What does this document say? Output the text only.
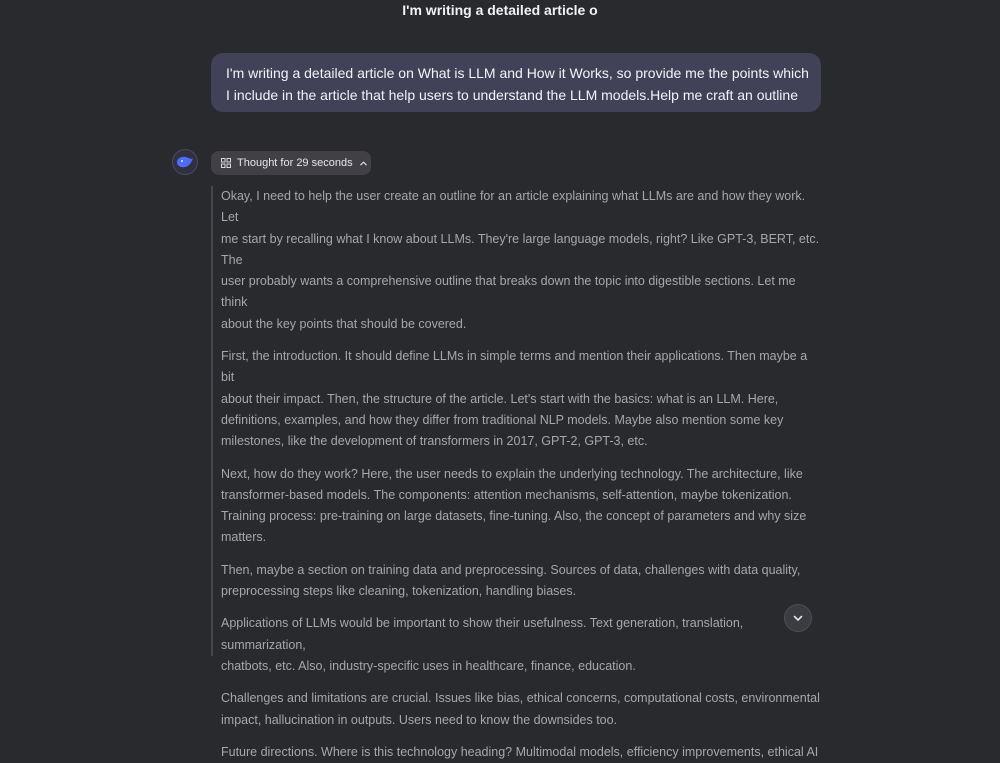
I'm writing a detailed article o
I'm writing a detailed article on What is LLM and How it Works, so provide me the points which
I include in the article that help users to understand the LLM models.Help me craft an outline
Thought for 29 seconds

Okay, I need to help the user create an outline for an article explaining what LLMs are and how they work. Let
me start by recalling what I know about LLMs. They're large language models, right? Like GPT-3, BERT, etc. The
user probably wants a comprehensive outline that breaks down the topic into digestible sections. Let me think
about the key points that should be covered.

First, the introduction. It should define LLMs in simple terms and mention their applications. Then maybe a bit
about their impact. Then, the structure of the article. Let's start with the basics: what is an LLM. Here,
definitions, examples, and how they differ from traditional NLP models. Maybe also mention some key
milestones, like the development of transformers in 2017, GPT-2, GPT-3, etc.

Next, how do they work? Here, the user needs to explain the underlying technology. The architecture, like
transformer-based models. The components: attention mechanisms, self-attention, maybe tokenization.
Training process: pre-training on large datasets, fine-tuning. Also, the concept of parameters and why size
matters.

Then, maybe a section on training data and preprocessing. Sources of data, challenges with data quality,
preprocessing steps like cleaning, tokenization, handling biases.

Applications of LLMs would be important to show their usefulness. Text generation, translation, summarization,
chatbots, etc. Also, industry-specific uses in healthcare, finance, education.

Challenges and limitations are crucial. Issues like bias, ethical concerns, computational costs, environmental
impact, hallucination in outputs. Users need to know the downsides too.

Future directions. Where is this technology heading? Multimodal models, efficiency improvements, ethical AI
